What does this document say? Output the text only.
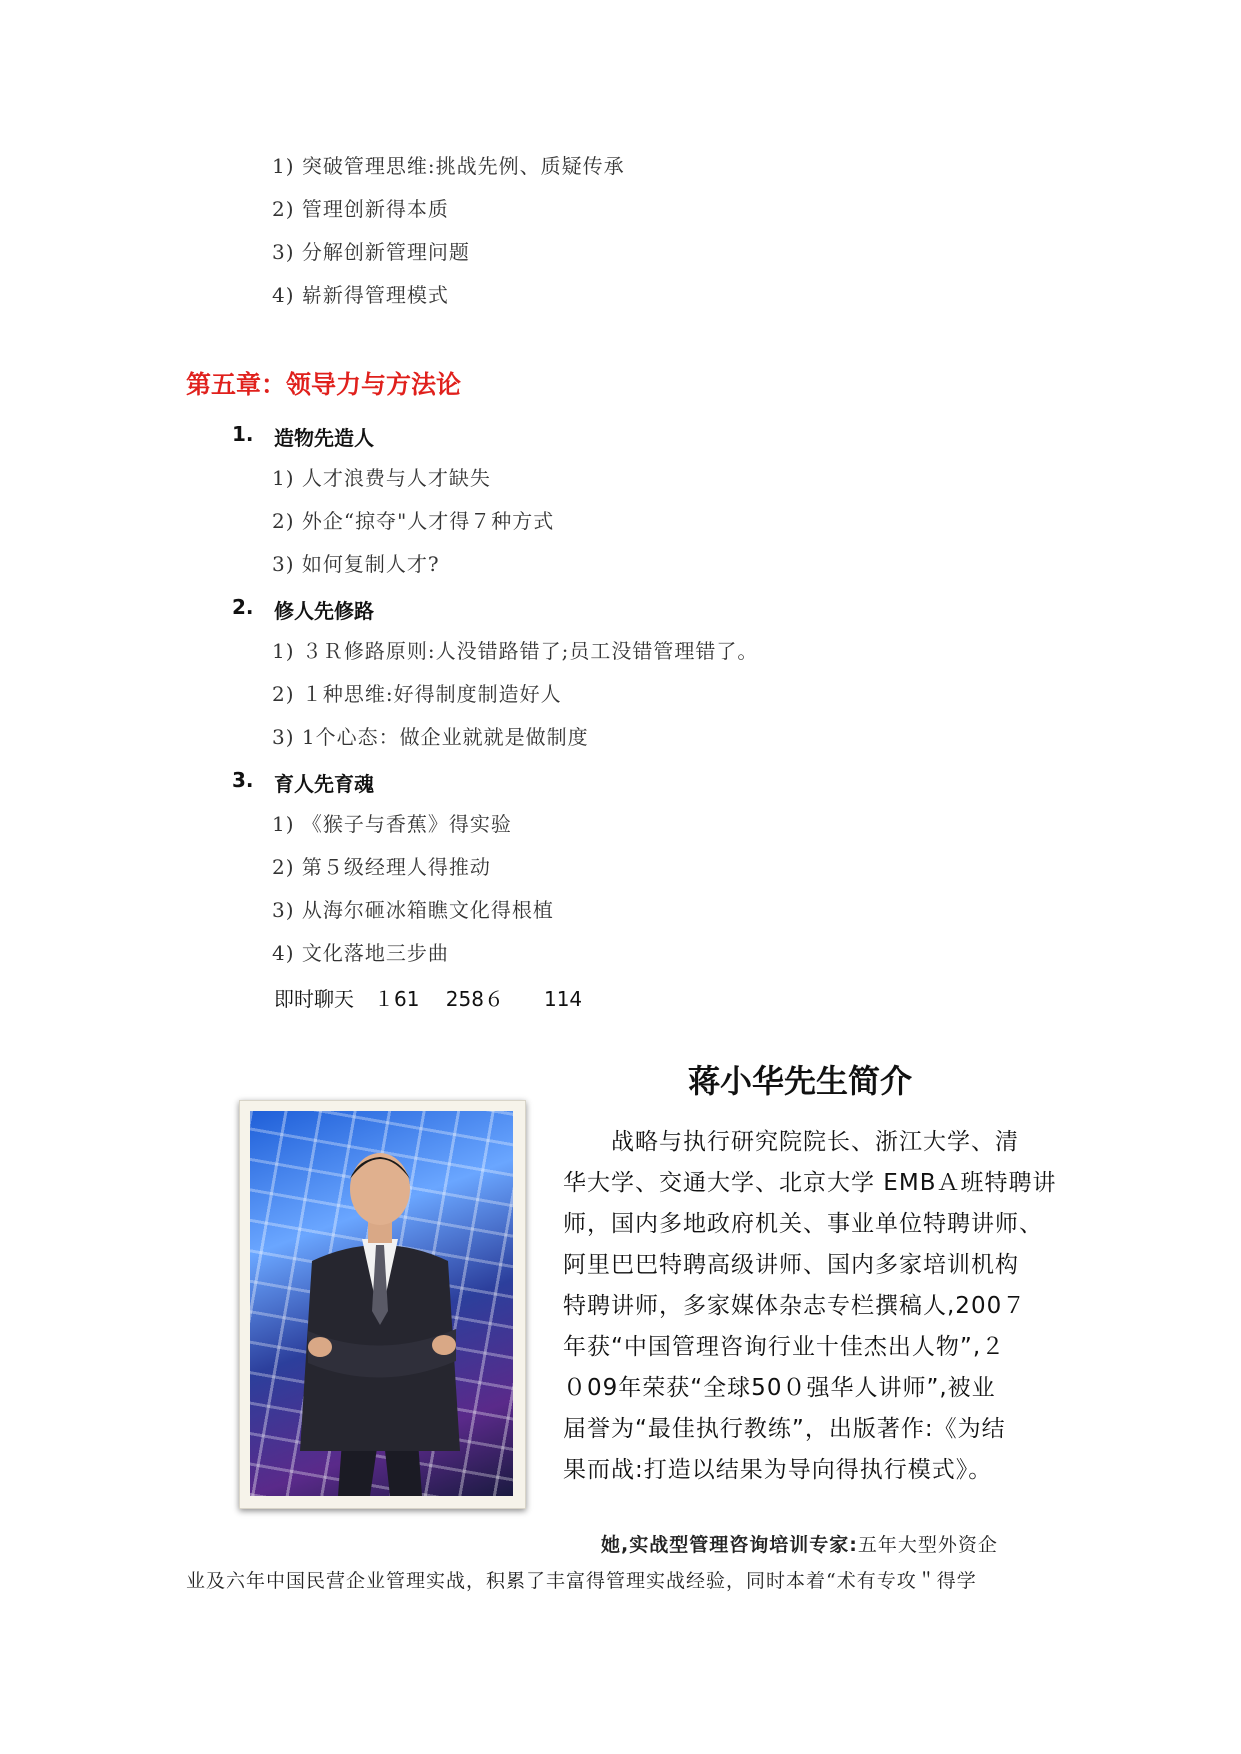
1) 突破管理思维:挑战先例、质疑传承
2) 管理创新得本质
3) 分解创新管理问题
4) 崭新得管理模式
第五章：领导力与方法论
1. 造物先造人
1) 人才浪费与人才缺失
2) 外企“掠夺"人才得７种方式
3) 如何复制人才?
2. 修人先修路
1) ３Ｒ修路原则:人没错路错了;员工没错管理错了。
2) １种思维:好得制度制造好人
3) 1个心态：做企业就就是做制度
3. 育人先育魂
1) 《猴子与香蕉》得实验
2) 第５级经理人得推动
3) 从海尔砸冰箱瞧文化得根植
4) 文化落地三步曲
即时聊天　１61　 258６　　114
蒋小华先生简介
　　战略与执行研究院院长、浙江大学、清
华大学、交通大学、北京大学 EMBＡ班特聘讲
师，国内多地政府机关、事业单位特聘讲师、
阿里巴巴特聘高级讲师、国内多家培训机构
特聘讲师，多家媒体杂志专栏撰稿人,200７
年获“中国管理咨询行业十佳杰出人物”,２
０09年荣获“全球50０强华人讲师”,被业
届誉为“最佳执行教练”，出版著作:《为结
果而战:打造以结果为导向得执行模式》。
她,实战型管理咨询培训专家:五年大型外资企
业及六年中国民营企业管理实战，积累了丰富得管理实战经验，同时本着“术有专攻＂得学
